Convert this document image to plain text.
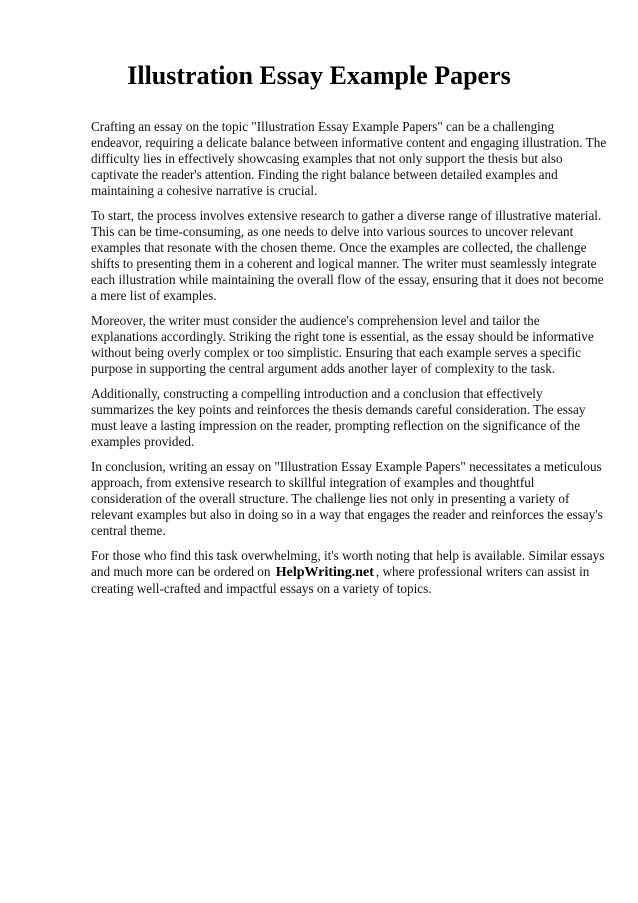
Illustration Essay Example Papers

Crafting an essay on the topic "Illustration Essay Example Papers" can be a challenging
endeavor, requiring a delicate balance between informative content and engaging illustration. The
difficulty lies in effectively showcasing examples that not only support the thesis but also
captivate the reader's attention. Finding the right balance between detailed examples and
maintaining a cohesive narrative is crucial.

To start, the process involves extensive research to gather a diverse range of illustrative material.
This can be time-consuming, as one needs to delve into various sources to uncover relevant
examples that resonate with the chosen theme. Once the examples are collected, the challenge
shifts to presenting them in a coherent and logical manner. The writer must seamlessly integrate
each illustration while maintaining the overall flow of the essay, ensuring that it does not become
a mere list of examples.

Moreover, the writer must consider the audience's comprehension level and tailor the
explanations accordingly. Striking the right tone is essential, as the essay should be informative
without being overly complex or too simplistic. Ensuring that each example serves a specific
purpose in supporting the central argument adds another layer of complexity to the task.

Additionally, constructing a compelling introduction and a conclusion that effectively
summarizes the key points and reinforces the thesis demands careful consideration. The essay
must leave a lasting impression on the reader, prompting reflection on the significance of the
examples provided.

In conclusion, writing an essay on "Illustration Essay Example Papers" necessitates a meticulous
approach, from extensive research to skillful integration of examples and thoughtful
consideration of the overall structure. The challenge lies not only in presenting a variety of
relevant examples but also in doing so in a way that engages the reader and reinforces the essay's
central theme.

For those who find this task overwhelming, it's worth noting that help is available. Similar essays
and much more can be ordered on HelpWriting.net , where professional writers can assist in
creating well-crafted and impactful essays on a variety of topics.
